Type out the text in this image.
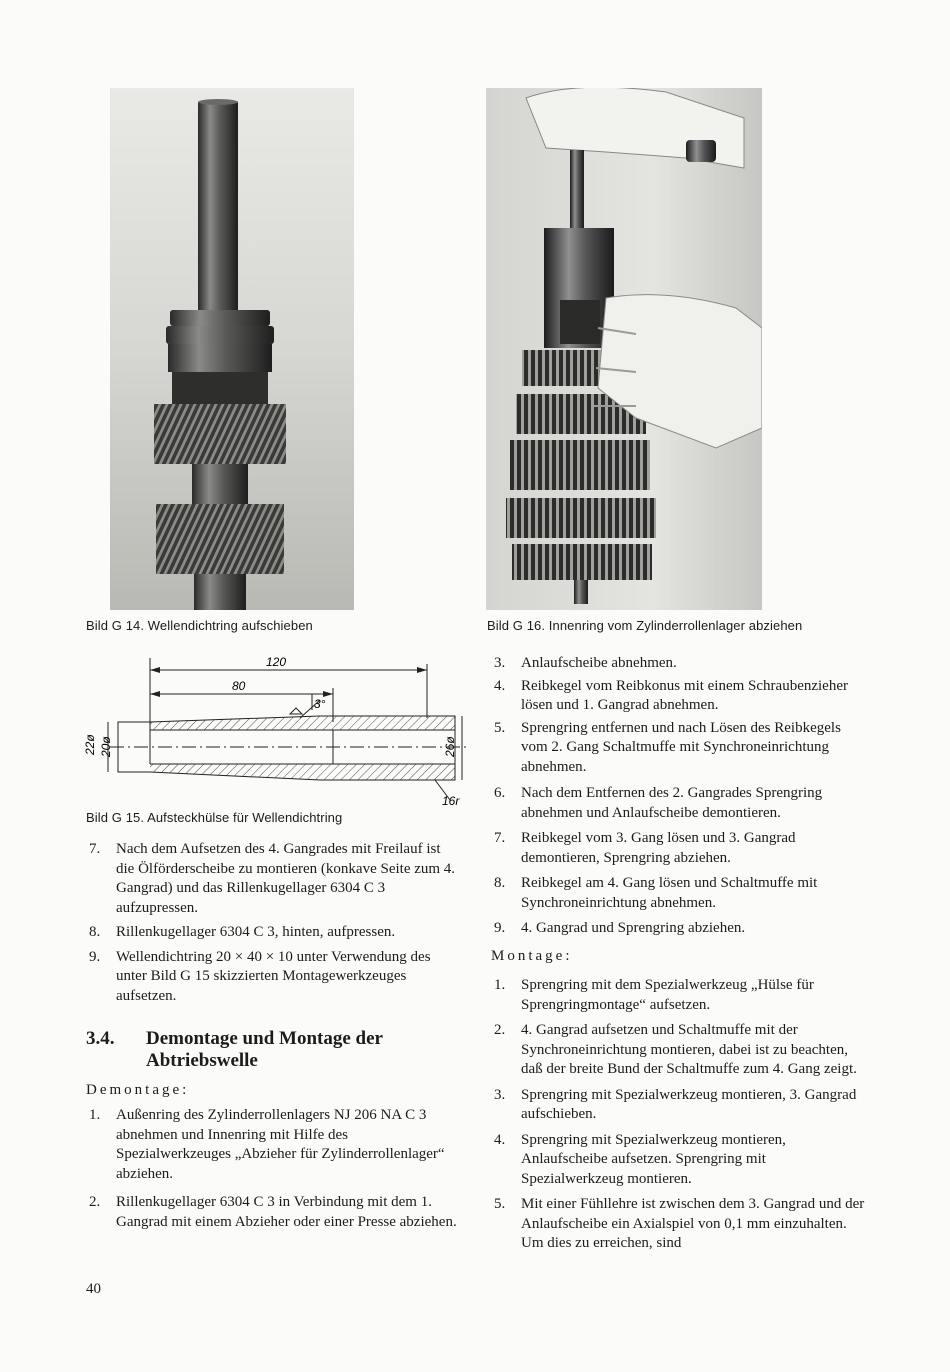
Bild G 14. Wellendichtring aufschieben	Bild G 16. Innenring vom Zylinderrollenlager abziehen
120
80
3°
22ø 20ø	26ø
16r
Bild G 15. Aufsteckhülse für Wellendichtring
7. Nach dem Aufsetzen des 4. Gangrades mit Freilauf ist die Ölförderscheibe zu montieren (konkave Seite zum 4. Gangrad) und das Rillenkugellager 6304 C 3 aufzupressen.
8. Rillenkugellager 6304 C 3, hinten, aufpressen.
9. Wellendichtring 20 × 40 × 10 unter Verwendung des unter Bild G 15 skizzierten Montagewerkzeuges aufsetzen.
3.4. Demontage und Montage der Abtriebswelle
Demontage:
1. Außenring des Zylinderrollenlagers NJ 206 NA C 3 abnehmen und Innenring mit Hilfe des Spezialwerkzeuges „Abzieher für Zylinderrollenlager“ abziehen.
2. Rillenkugellager 6304 C 3 in Verbindung mit dem 1. Gangrad mit einem Abzieher oder einer Presse abziehen.
3. Anlaufscheibe abnehmen.
4. Reibkegel vom Reibkonus mit einem Schraubenzieher lösen und 1. Gangrad abnehmen.
5. Sprengring entfernen und nach Lösen des Reibkegels vom 2. Gang Schaltmuffe mit Synchroneinrichtung abnehmen.
6. Nach dem Entfernen des 2. Gangrades Sprengring abnehmen und Anlaufscheibe demontieren.
7. Reibkegel vom 3. Gang lösen und 3. Gangrad demontieren, Sprengring abziehen.
8. Reibkegel am 4. Gang lösen und Schaltmuffe mit Synchroneinrichtung abnehmen.
9. 4. Gangrad und Sprengring abziehen.
Montage:
1. Sprengring mit dem Spezialwerkzeug „Hülse für Sprengringmontage“ aufsetzen.
2. 4. Gangrad aufsetzen und Schaltmuffe mit der Synchroneinrichtung montieren, dabei ist zu beachten, daß der breite Bund der Schaltmuffe zum 4. Gang zeigt.
3. Sprengring mit Spezialwerkzeug montieren, 3. Gangrad aufschieben.
4. Sprengring mit Spezialwerkzeug montieren, Anlaufscheibe aufsetzen. Sprengring mit Spezialwerkzeug montieren.
5. Mit einer Fühllehre ist zwischen dem 3. Gangrad und der Anlaufscheibe ein Axialspiel von 0,1 mm einzuhalten. Um dies zu erreichen, sind
40
